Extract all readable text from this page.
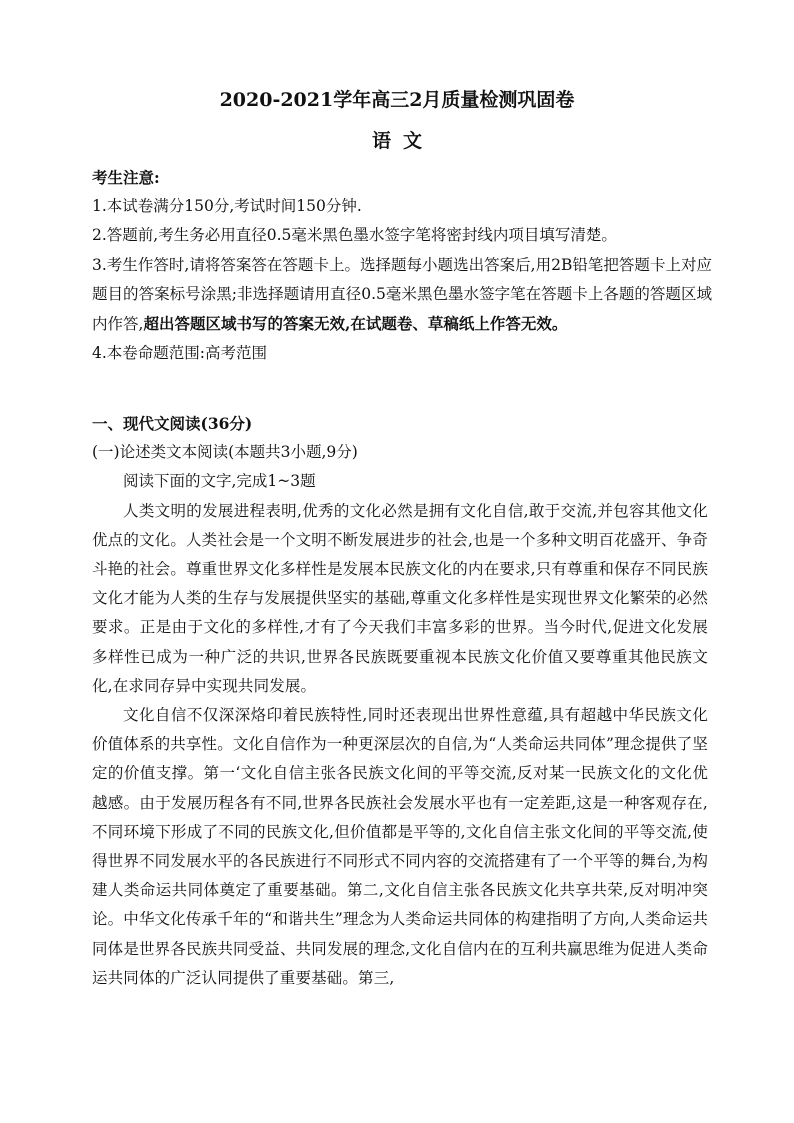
2020-2021学年高三2月质量检测巩固卷
语文

考生注意:

1.本试卷满分150分,考试时间150分钟.

2.答题前,考生务必用直径0.5毫米黑色墨水签字笔将密封线内项目填写清楚。

3.考生作答时,请将答案答在答题卡上。选择题每小题选出答案后,用2B铅笔把答题卡上对应题目的答案标号涂黑;非选择题请用直径0.5毫米黑色墨水签字笔在答题卡上各题的答题区域内作答,超出答题区域书写的答案无效,在试题卷、草稿纸上作答无效。

4.本卷命题范围:高考范围

一、现代文阅读(36分)

(一)论述类文本阅读(本题共3小题,9分)

阅读下面的文字,完成1~3题

人类文明的发展进程表明,优秀的文化必然是拥有文化自信,敢于交流,并包容其他文化优点的文化。人类社会是一个文明不断发展进步的社会,也是一个多种文明百花盛开、争奇斗艳的社会。尊重世界文化多样性是发展本民族文化的内在要求,只有尊重和保存不同民族文化才能为人类的生存与发展提供坚实的基础,尊重文化多样性是实现世界文化繁荣的必然要求。正是由于文化的多样性,才有了今天我们丰富多彩的世界。当今时代,促进文化发展多样性已成为一种广泛的共识,世界各民族既要重视本民族文化价值又要尊重其他民族文化,在求同存异中实现共同发展。

文化自信不仅深深烙印着民族特性,同时还表现出世界性意蕴,具有超越中华民族文化价值体系的共享性。文化自信作为一种更深层次的自信,为“人类命运共同体”理念提供了坚定的价值支撑。第一‘文化自信主张各民族文化间的平等交流,反对某一民族文化的文化优越感。由于发展历程各有不同,世界各民族社会发展水平也有一定差距,这是一种客观存在,不同环境下形成了不同的民族文化,但价值都是平等的,文化自信主张文化间的平等交流,使得世界不同发展水平的各民族进行不同形式不同内容的交流搭建有了一个平等的舞台,为构建人类命运共同体奠定了重要基础。第二,文化自信主张各民族文化共享共荣,反对明冲突论。中华文化传承千年的“和谐共生”理念为人类命运共同体的构建指明了方向,人类命运共同体是世界各民族共同受益、共同发展的理念,文化自信内在的互利共赢思维为促进人类命运共同体的广泛认同提供了重要基础。第三,
